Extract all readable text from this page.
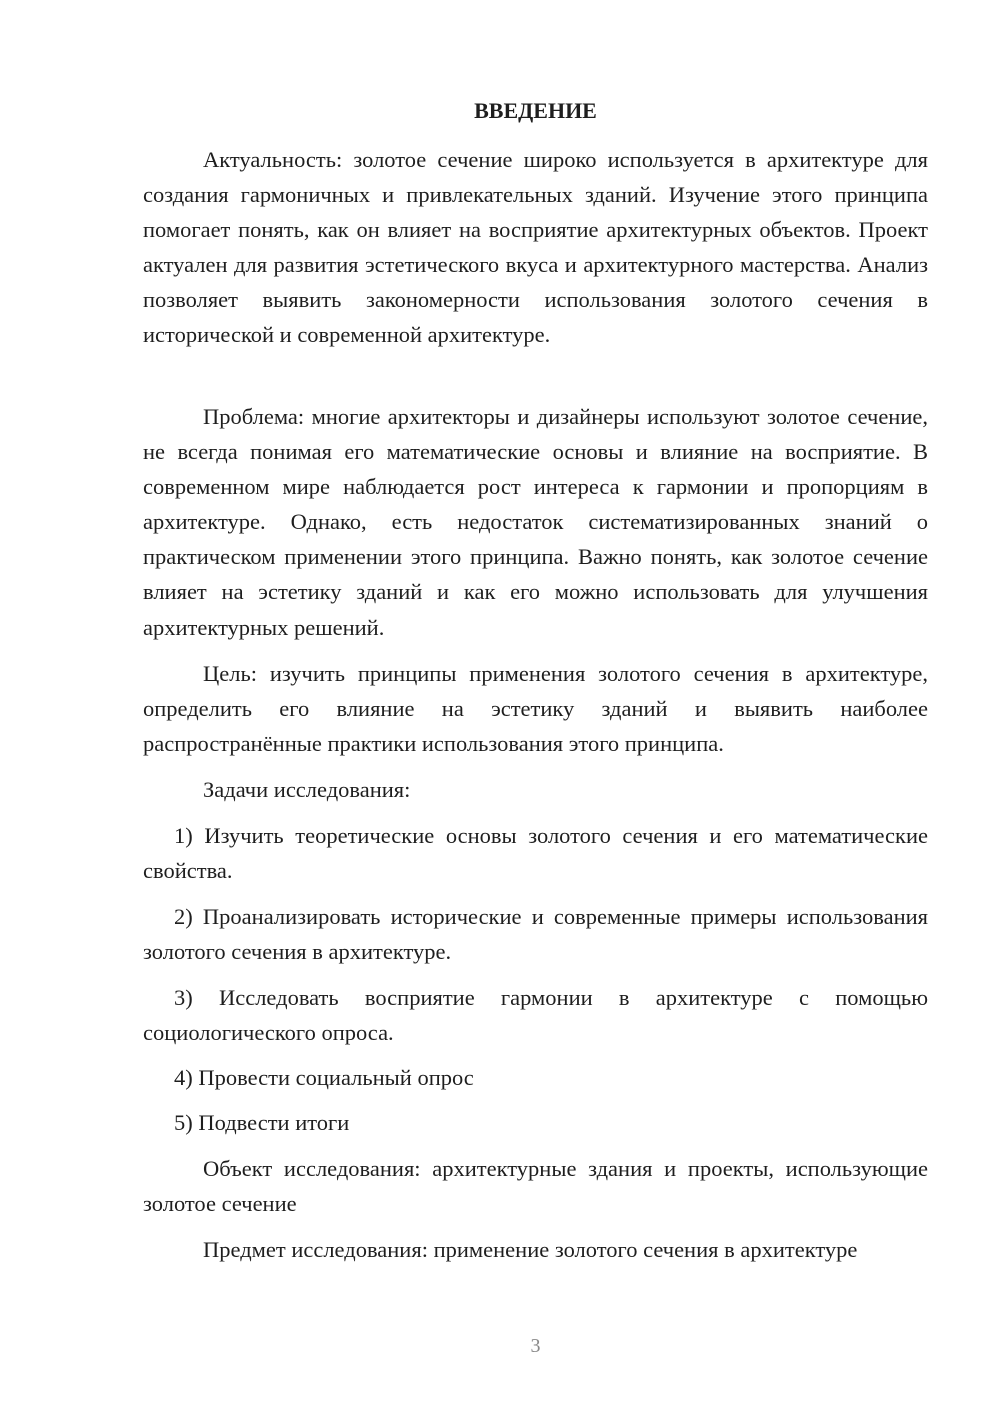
ВВЕДЕНИЕ

Актуальность: золотое сечение широко используется в архитектуре для создания гармоничных и привлекательных зданий. Изучение этого принципа помогает понять, как он влияет на восприятие архитектурных объектов. Проект актуален для развития эстетического вкуса и архитектурного мастерства. Анализ позволяет выявить закономерности использования золотого сечения в исторической и современной архитектуре.

Проблема: многие архитекторы и дизайнеры используют золотое сечение, не всегда понимая его математические основы и влияние на восприятие. В современном мире наблюдается рост интереса к гармонии и пропорциям в архитектуре. Однако, есть недостаток систематизированных знаний о практическом применении этого принципа. Важно понять, как золотое сечение влияет на эстетику зданий и как его можно использовать для улучшения архитектурных решений.

Цель: изучить принципы применения золотого сечения в архитектуре, определить его влияние на эстетику зданий и выявить наиболее распространённые практики использования этого принципа.

Задачи исследования:

1) Изучить теоретические основы золотого сечения и его математические свойства.

2) Проанализировать исторические и современные примеры использования золотого сечения в архитектуре.

3) Исследовать восприятие гармонии в архитектуре с помощью социологического опроса.

4) Провести социальный опрос

5) Подвести итоги

Объект исследования: архитектурные здания и проекты, использующие золотое сечение

Предмет исследования: применение золотого сечения в архитектуре

3
